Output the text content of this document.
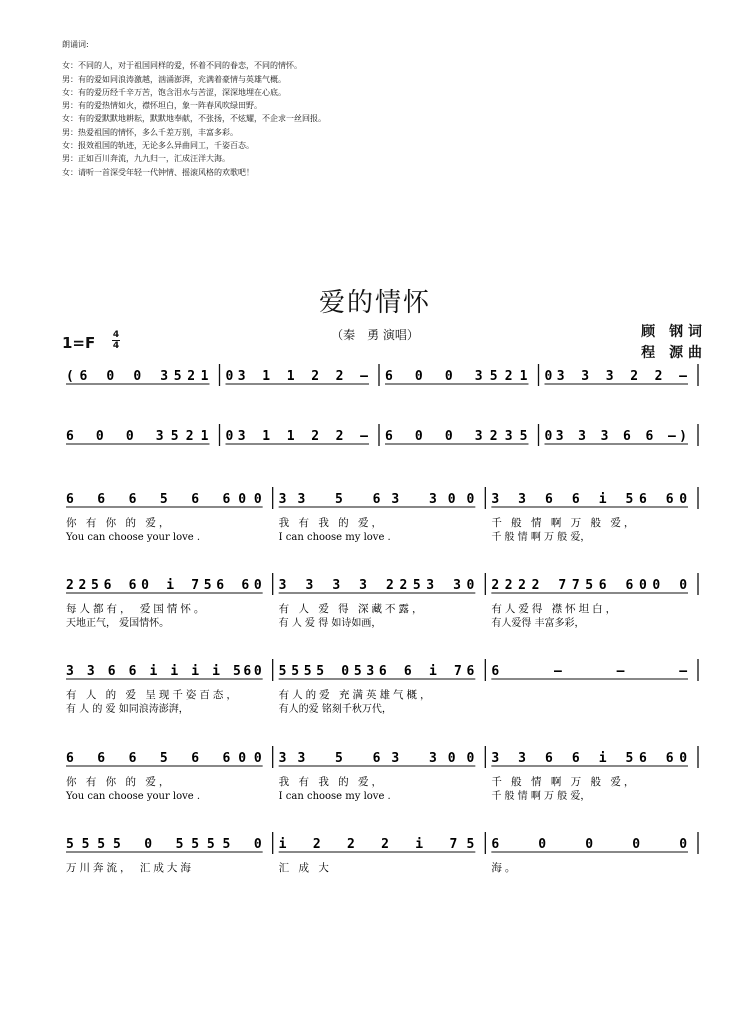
朗诵词:
女：不同的人，对于祖国同样的爱，怀着不同的眷恋，不同的情怀。
男：有的爱如同浪涛激越，汹涌澎湃，充满着豪情与英雄气概。
女：有的爱历经千辛万苦，饱含泪水与苦涩，深深地埋在心底。
男：有的爱热情如火，襟怀坦白，象一阵春风吹绿田野。
女：有的爱默默地耕耘，默默地奉献，不张扬，不炫耀，不企求一丝回报。
男：热爱祖国的情怀，多么千差万别，丰富多彩。
女：报效祖国的轨迹，无论多么异曲同工，千姿百态。
男：正如百川奔流，九九归一，汇成汪洋大海。
女：请听一首深受年轻一代钟情、摇滚风格的欢歌吧！
爱的情怀
（秦　勇 演唱）	顾　钢 词
程　源 曲
1=F 4
4
(6 0 0 3521 03 1 1 2 2 – 6 0 0 3521 03 3 3 2 2 –
6 0 0 3521 03 1 1 2 2 – 6 0 0 3235 03 3 3 6 6 –)
6 6 6 5 6 600
你 有 你 的 爱，
You can choose your love .
33 5 63 300
我 有 我 的 爱，
I can choose my love .
3 3 6 6 i 56 60
千 般 情 啊 万 般 爱，
千 般 情 啊 万 般 爱，
2256 60 i 756 60
每人都有， 爱国情怀。
天地正气， 爱国情怀。
3 3 3 3 2253 30
有 人 爱 得 深藏不露，
有 人 爱 得 如诗如画，
2222 7756 600 0
有人爱得 襟怀坦白，
有人爱得 丰富多彩，
3 3 6 6 i i i i 560
有 人 的 爱 呈现千姿百态，
有 人 的 爱 如同浪涛澎湃，
5555 0536 6 i 76
有人的爱 充满英雄气概，
有人的爱 铭刻千秋万代，
6 – – –
6 6 6 5 6 600
你 有 你 的 爱，
You can choose your love .
33 5 63 300
我 有 我 的 爱，
I can choose my love .
3 3 6 6 i 56 60
千 般 情 啊 万 般 爱，
千 般 情 啊 万 般 爱，
5555 0 5555 0
万川奔流， 汇成大海
i 2 2 2 i 75
汇 成 大
6 0 0 0 0
海。
